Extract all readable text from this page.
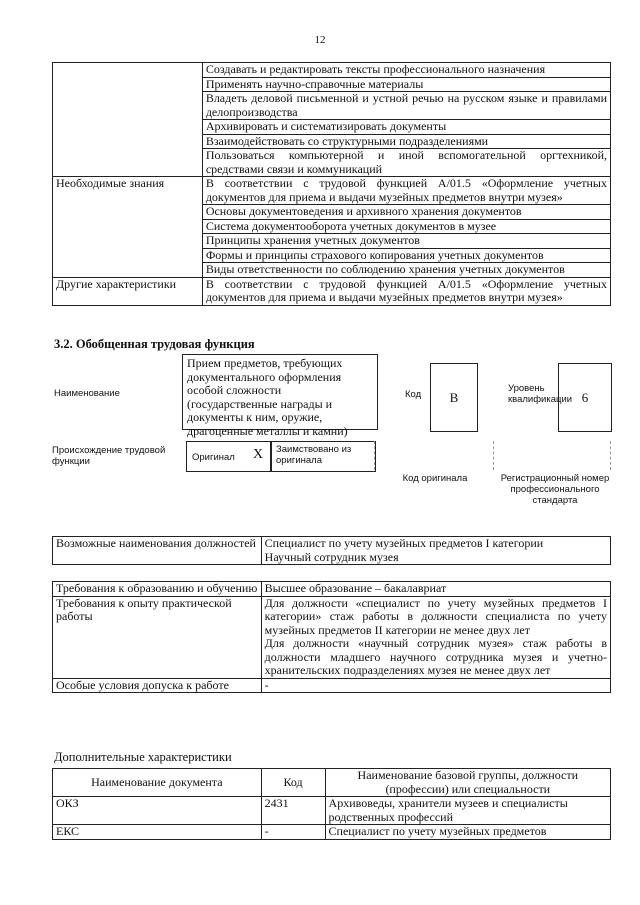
12
	Создавать и редактировать тексты профессионального назначения
	Применять научно-справочные материалы
	Владеть деловой письменной и устной речью на русском языке и правилами делопроизводства
	Архивировать и систематизировать документы
	Взаимодействовать со структурными подразделениями
	Пользоваться компьютерной и иной вспомогательной оргтехникой, средствами связи и коммуникаций
Необходимые знания	В соответствии с трудовой функцией А/01.5 «Оформление учетных документов для приема и выдачи музейных предметов внутри музея»
	Основы документоведения и архивного хранения документов
	Система документооборота учетных документов в музее
	Принципы хранения учетных документов
	Формы и принципы страхового копирования учетных документов
	Виды ответственности по соблюдению хранения учетных документов
Другие характеристики	В соответствии с трудовой функцией А/01.5 «Оформление учетных документов для приема и выдачи музейных предметов внутри музея»
3.2. Обобщенная трудовая функция
Наименование
Прием предметов, требующих документального оформления особой сложности (государственные награды и документы к ним, оружие, драгоценные металлы и камни)
Код	B
Уровень квалификации 6
Происхождение трудовой функции	Оригинал X Заимствовано из оригинала
Код оригинала	Регистрационный номер профессионального стандарта
Возможные наименования должностей	Специалист по учету музейных предметов I категории
Научный сотрудник музея
Требования к образованию и обучению	Высшее образование – бакалавриат
Требования к опыту практической работы	Для должности «специалист по учету музейных предметов I категории» стаж работы в должности специалиста по учету музейных предметов II категории не менее двух лет
Для должности «научный сотрудник музея» стаж работы в должности младшего научного сотрудника музея и учетно-хранительских подразделениях музея не менее двух лет

Особые условия допуска к работе	-
Дополнительные характеристики
Наименование документа	Код	Наименование базовой группы, должности (профессии) или специальности
ОКЗ	2431	Архивоведы, хранители музеев и специалисты родственных профессий
ЕКС	-	Специалист по учету музейных предметов
